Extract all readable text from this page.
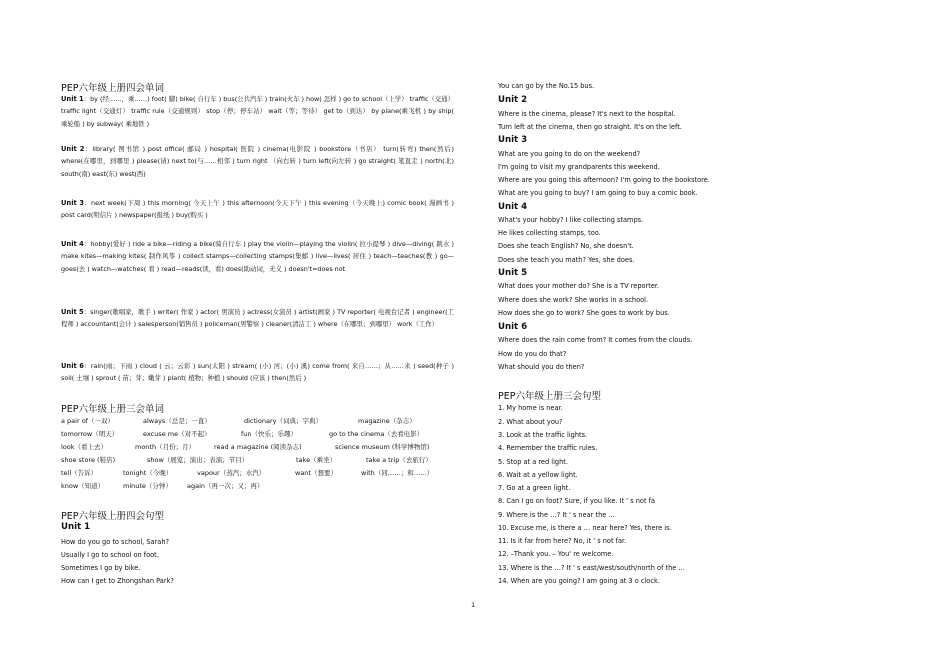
PEP六年级上册四会单词
Unit 1：by (经……，乘……) foot( 脚) bike( 自行车 ) bus(公共汽车 ) train(火车 ) how( 怎样 ) go to school（上学） traffic（交通） traffic light（交通灯） traffic rule（交通规则） stop（停；停车站） wait（等；等待） get to（到达） by plane(乘飞机 ) by ship( 乘轮船 ) by subway( 乘地铁 )
Unit 2：library( 图书馆 ) post office( 邮局 ) hospital( 医院 ) cinema(电影院 ) bookstore（书店） turn(转弯) then(然后) where(在哪里，到哪里 ) please(请) next to(与……相邻 ) turn right （向右转 ) turn left(向左转 ) go straight( 笔直走 ) north(北) south(南) east(东) west(西)
Unit 3：next week(下周 ) this morning( 今天上午 ) this afternoon(今天下午 ) this evening（今天晚上) comic book( 漫画书 ) post card(明信片 ) newspaper(报纸 ) buy(购买 )
Unit 4：hobby(爱好 ) ride a bike—riding a bike(骑自行车 ) play the violin—playing the violin( 拉小提琴 ) dive—diving( 跳水 ) make kites—making kites( 制作风筝 ) collect stamps—collecting stamps(集邮 ) live—lives( 居住 ) teach—teaches(教 ) go—goes(去 ) watch—watches( 看 ) read—reads(读，看) does(助动词，无义 ) doesn't=does not
Unit 5：singer(歌唱家，歌手 ) writer( 作家 ) actor( 男演员 ) actress(女演员 ) artist(画家 ) TV reporter( 电视台记者 ) engineer(工程师 ) accountant(会计 ) salesperson(销售员 ) policeman(男警察 ) cleaner(清洁工 ) where（在哪里；到哪里） work（工作）
Unit 6：rain(雨；下雨 ) cloud ( 云；云彩 ) sun(太阳 ) stream( (小) 河；(小) 溪) come from( 来自……；从……来 ) seed(种子 ) soil( 土壤 ) sprout ( 苗；芽；嫩芽 ) plant( 植物；种植 ) should (应该 ) then(然后 )
PEP六年级上册三会单词
a pair of（一双）	always（总是；一直）	dictionary（词典；字典）	magazine（杂志）
tomorrow（明天）	excuse me（对不起）	fun（快乐；乐趣）	go to the cinema（去看电影）
look（看上去）	month（月份；月）	read a magazine (阅读杂志)	science museum (科学博物馆)
shoe store (鞋店)	show（展览；演出；表演；节目）	take（乘坐）	take a trip（去旅行）
tell（告诉）	tonight（今晚）	vapour（蒸汽；水汽）	want（想要）	with（同……；和……）
know（知道）	minute（分钟） again（再一次；又；再）
PEP六年级上册四会句型
Unit 1
How do you go to school, Sarah?
Usually I go to school on foot.
Sometimes I go by bike.
How can I get to Zhongshan Park?
You can go by the No.15 bus.
Unit 2
Where is the cinema, please? It's next to the hospital.
Turn left at the cinema, then go straight. It's on the left.
Unit 3
What are you going to do on the weekend?
I'm going to visit my grandparents this weekend.
Where are you going this afternoon? I'm going to the bookstore.
What are you going to buy? I am going to buy a comic book.
Unit 4
What's your hobby? I like collecting stamps.
He likes collecting stamps, too.
Does she teach English? No, she doesn't.
Does she teach you math? Yes, she does.
Unit 5
What does your mother do? She is a TV reporter.
Where does she work? She works in a school.
How does she go to work? She goes to work by bus.
Unit 6
Where does the rain come from? It comes from the clouds.
How do you do that?
What should you do then?
PEP六年级上册三会句型
1. My home is near.
2. What about you?
3. Look at the traffic lights.
4. Remember the traffic rules.
5. Stop at a red light.
6. Wait at a yellow light.
7. Go at a green light.
8. Can I go on foot? Sure, if you like. It ' s not fa
9. Where is the …? It ' s near the …
10. Excuse me, is there a … near here? Yes, there is.
11. Is it far from here? No, it ' s not far.
12. –Thank you. – You' re welcome.
13. Where is the …? It ' s east/west/south/north of the …
14. When are you going? I am going at 3 o clock.
1
